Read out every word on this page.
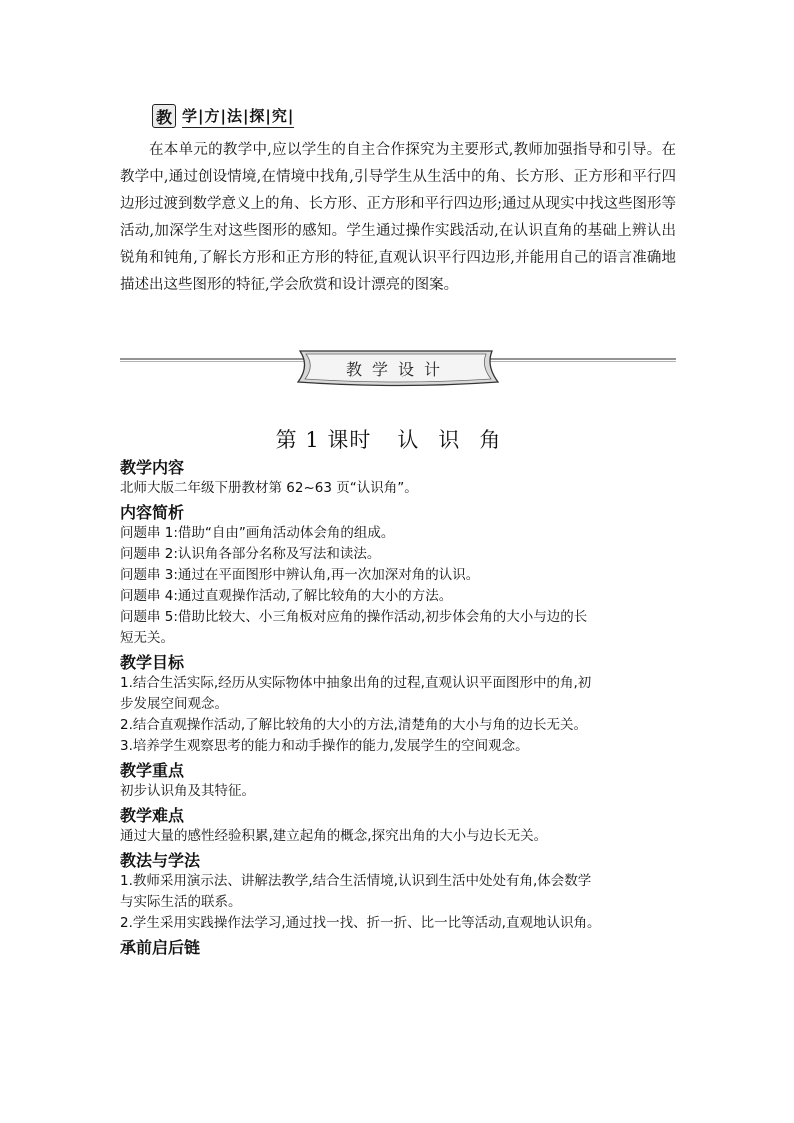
教 学|方|法|探|究|

在本单元的教学中,应以学生的自主合作探究为主要形式,教师加强指导和引导。在教学中,通过创设情境,在情境中找角,引导学生从生活中的角、长方形、正方形和平行四边形过渡到数学意义上的角、长方形、正方形和平行四边形;通过从现实中找这些图形等活动,加深学生对这些图形的感知。学生通过操作实践活动,在认识直角的基础上辨认出锐角和钝角,了解长方形和正方形的特征,直观认识平行四边形,并能用自己的语言准确地描述出这些图形的特征,学会欣赏和设计漂亮的图案。

教学设计
第 1 课时 认识角

教学内容

北师大版二年级下册教材第 62~63 页“认识角”。

内容简析

问题串 1:借助“自由”画角活动体会角的组成。

问题串 2:认识角各部分名称及写法和读法。

问题串 3:通过在平面图形中辨认角,再一次加深对角的认识。

问题串 4:通过直观操作活动,了解比较角的大小的方法。

问题串 5:借助比较大、小三角板对应角的操作活动,初步体会角的大小与边的长

短无关。

教学目标

1.结合生活实际,经历从实际物体中抽象出角的过程,直观认识平面图形中的角,初

步发展空间观念。

2.结合直观操作活动,了解比较角的大小的方法,清楚角的大小与角的边长无关。

3.培养学生观察思考的能力和动手操作的能力,发展学生的空间观念。

教学重点

初步认识角及其特征。

教学难点

通过大量的感性经验积累,建立起角的概念,探究出角的大小与边长无关。

教法与学法

1.教师采用演示法、讲解法教学,结合生活情境,认识到生活中处处有角,体会数学

与实际生活的联系。

2.学生采用实践操作法学习,通过找一找、折一折、比一比等活动,直观地认识角。

承前启后链
